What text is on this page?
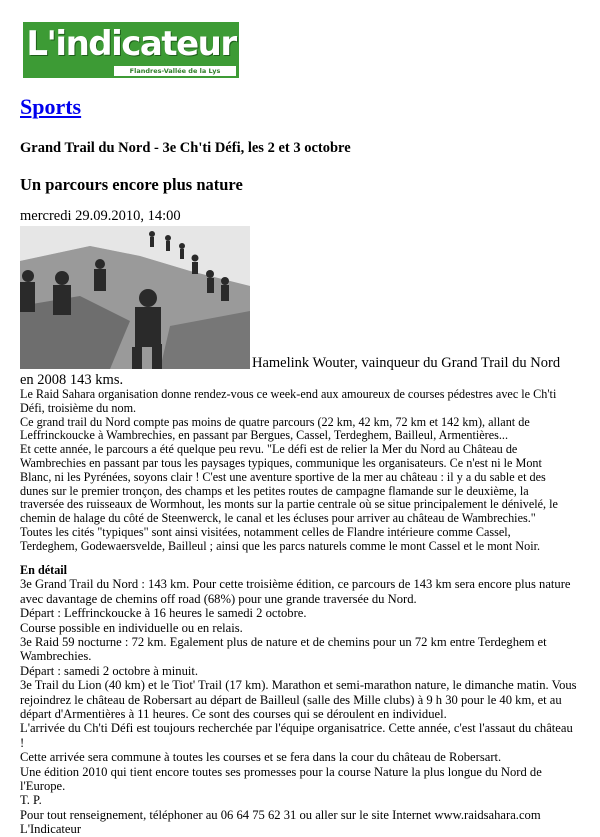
L'indicateur
Flandres-Vallée de la Lys
Sports
Grand Trail du Nord - 3e Ch'ti Défi, les 2 et 3 octobre
Un parcours encore plus nature
mercredi 29.09.2010, 14:00
Hamelink Wouter, vainqueur du Grand Trail du Nord
en 2008 143 kms.

Le Raid Sahara organisation donne rendez-vous ce week-end aux amoureux de courses pédestres avec le Ch'ti

Défi, troisième du nom.

Ce grand trail du Nord compte pas moins de quatre parcours (22 km, 42 km, 72 km et 142 km), allant de

Leffrinckoucke à Wambrechies, en passant par Bergues, Cassel, Terdeghem, Bailleul, Armentières...

Et cette année, le parcours a été quelque peu revu. "Le défi est de relier la Mer du Nord au Château de

Wambrechies en passant par tous les paysages typiques, communique les organisateurs. Ce n'est ni le Mont

Blanc, ni les Pyrénées, soyons clair ! C'est une aventure sportive de la mer au château : il y a du sable et des

dunes sur le premier tronçon, des champs et les petites routes de campagne flamande sur le deuxième, la

traversée des ruisseaux de Wormhout, les monts sur la partie centrale où se situe principalement le dénivelé, le

chemin de halage du côté de Steenwerck, le canal et les écluses pour arriver au château de Wambrechies."

Toutes les cités "typiques" sont ainsi visitées, notamment celles de Flandre intérieure comme Cassel,

Terdeghem, Godewaersvelde, Bailleul ; ainsi que les parcs naturels comme le mont Cassel et le mont Noir.

En détail

3e Grand Trail du Nord : 143 km. Pour cette troisième édition, ce parcours de 143 km sera encore plus nature

avec davantage de chemins off road (68%) pour une grande traversée du Nord.

Départ : Leffrinckoucke à 16 heures le samedi 2 octobre.

Course possible en individuelle ou en relais.

3e Raid 59 nocturne : 72 km. Egalement plus de nature et de chemins pour un 72 km entre Terdeghem et

Wambrechies.

Départ : samedi 2 octobre à minuit.

3e Trail du Lion (40 km) et le Tiot' Trail (17 km). Marathon et semi-marathon nature, le dimanche matin. Vous

rejoindrez le château de Robersart au départ de Bailleul (salle des Mille clubs) à 9 h 30 pour le 40 km, et au

départ d'Armentières à 11 heures. Ce sont des courses qui se déroulent en individuel.

L'arrivée du Ch'ti Défi est toujours recherchée par l'équipe organisatrice. Cette année, c'est l'assaut du château !

Cette arrivée sera commune à toutes les courses et se fera dans la cour du château de Robersart.

Une édition 2010 qui tient encore toutes ses promesses pour la course Nature la plus longue du Nord de l'Europe.

T. P.

Pour tout renseignement, téléphoner au 06 64 75 62 31 ou aller sur le site Internet www.raidsahara.com

L'Indicateur
